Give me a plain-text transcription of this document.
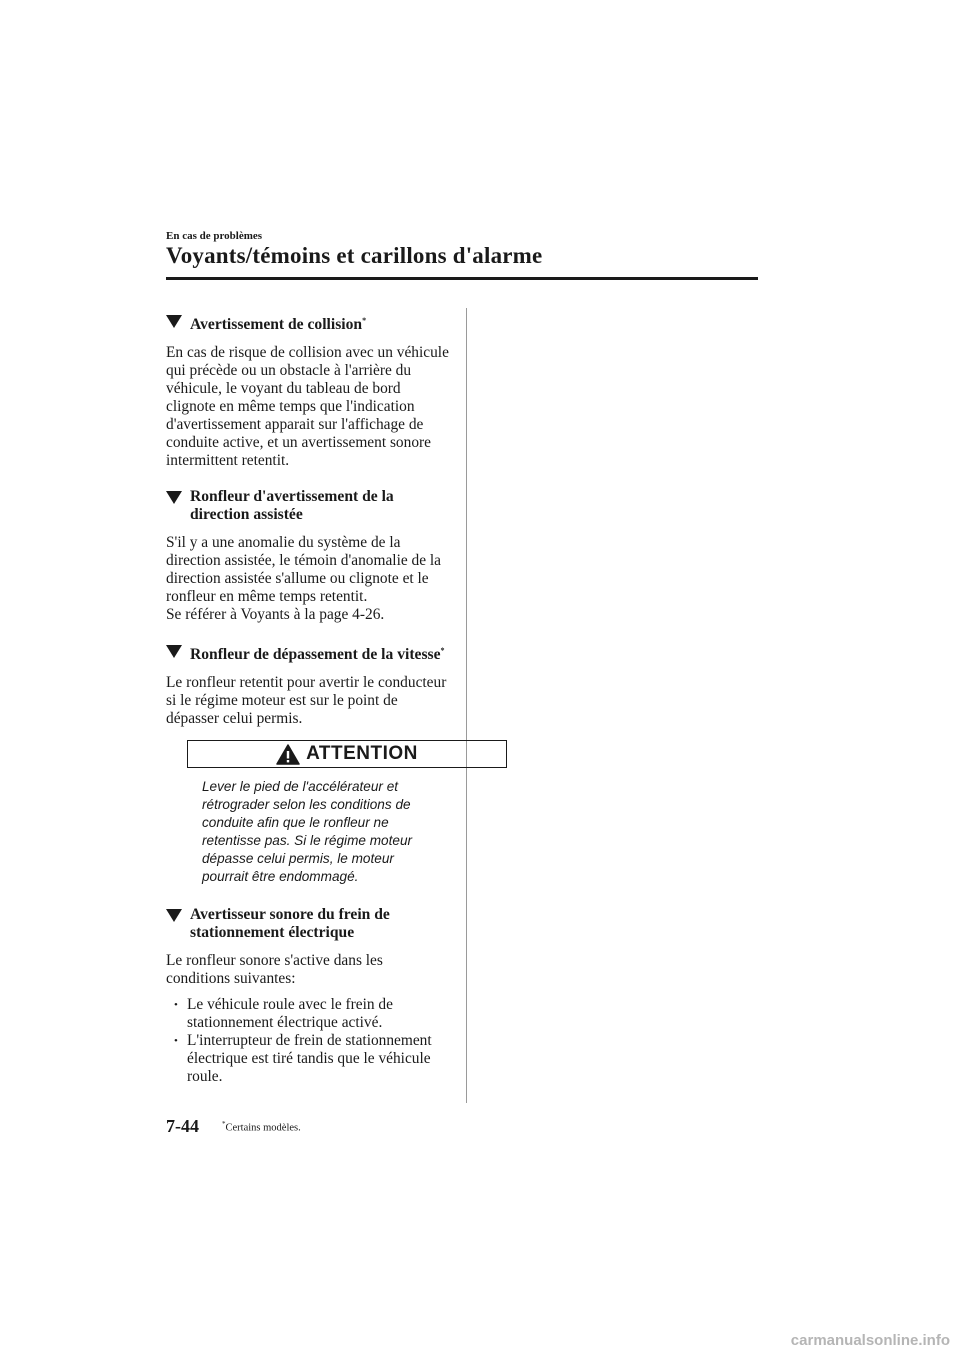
En cas de problèmes
Voyants/témoins et carillons d'alarme
Avertissement de collision*

En cas de risque de collision avec un véhicule qui précède ou un obstacle à l'arrière du véhicule, le voyant du tableau de bord clignote en même temps que l'indication d'avertissement apparait sur l'affichage de conduite active, et un avertissement sonore intermittent retentit.

Ronfleur d'avertissement de la direction assistée

S'il y a une anomalie du système de la direction assistée, le témoin d'anomalie de la direction assistée s'allume ou clignote et le ronfleur en même temps retentit.
Se référer à Voyants à la page 4-26.

Ronfleur de dépassement de la vitesse*

Le ronfleur retentit pour avertir le conducteur si le régime moteur est sur le point de dépasser celui permis.

ATTENTION

Lever le pied de l'accélérateur et rétrograder selon les conditions de conduite afin que le ronfleur ne retentisse pas. Si le régime moteur dépasse celui permis, le moteur pourrait être endommagé.

Avertisseur sonore du frein de stationnement électrique

Le ronfleur sonore s'active dans les conditions suivantes:

• Le véhicule roule avec le frein de stationnement électrique activé.
• L'interrupteur de frein de stationnement électrique est tiré tandis que le véhicule roule.
7-44	*Certains modèles.
carmanualsonline.info
